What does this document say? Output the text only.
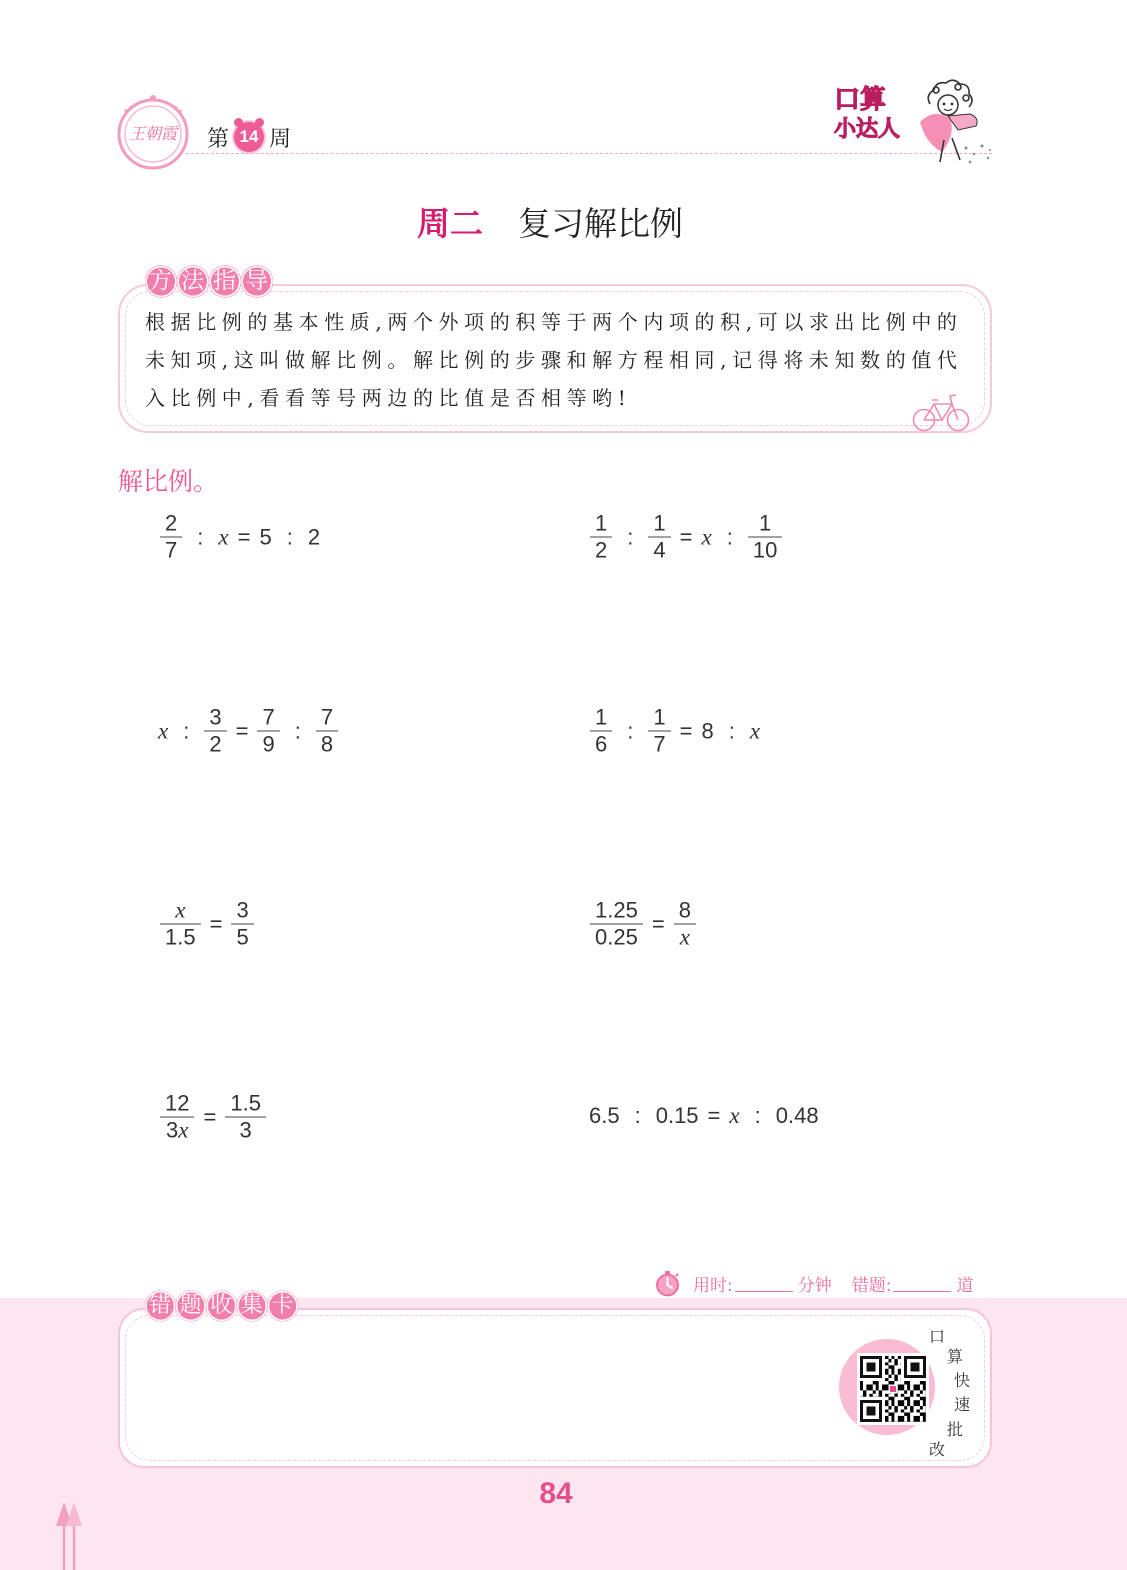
王朝霞	第 14 周
口算
小达人
周二 复习解比例
方法指导
根据比例的基本性质,两个外项的积等于两个内项的积,可以求出比例中的
未知项,这叫做解比例。解比例的步骤和解方程相同,记得将未知数的值代
入比例中,看看等号两边的比值是否相等哟!
解比例。
$\frac{2}{7}$ : x = 5 : 2	$\frac{1}{2}$ : $\frac{1}{4} = x$ : $\frac{1}{10}$
x : $\frac{3}{2} = \frac{7}{9}$ : $\frac{7}{8}$	$\frac{1}{6}$ : $\frac{1}{7} = 8$ : x
$\frac{x}{1.5} = \frac{3}{5}$	$\frac{1.25}{0.25} = \frac{8}{x}$
$\frac{12}{3x} = \frac{1.5}{3}$	6.5 : 0.15 = x : 0.48
用时:	分钟 错题:	道
错题收集卡
口
算
快
速
批
改
84
